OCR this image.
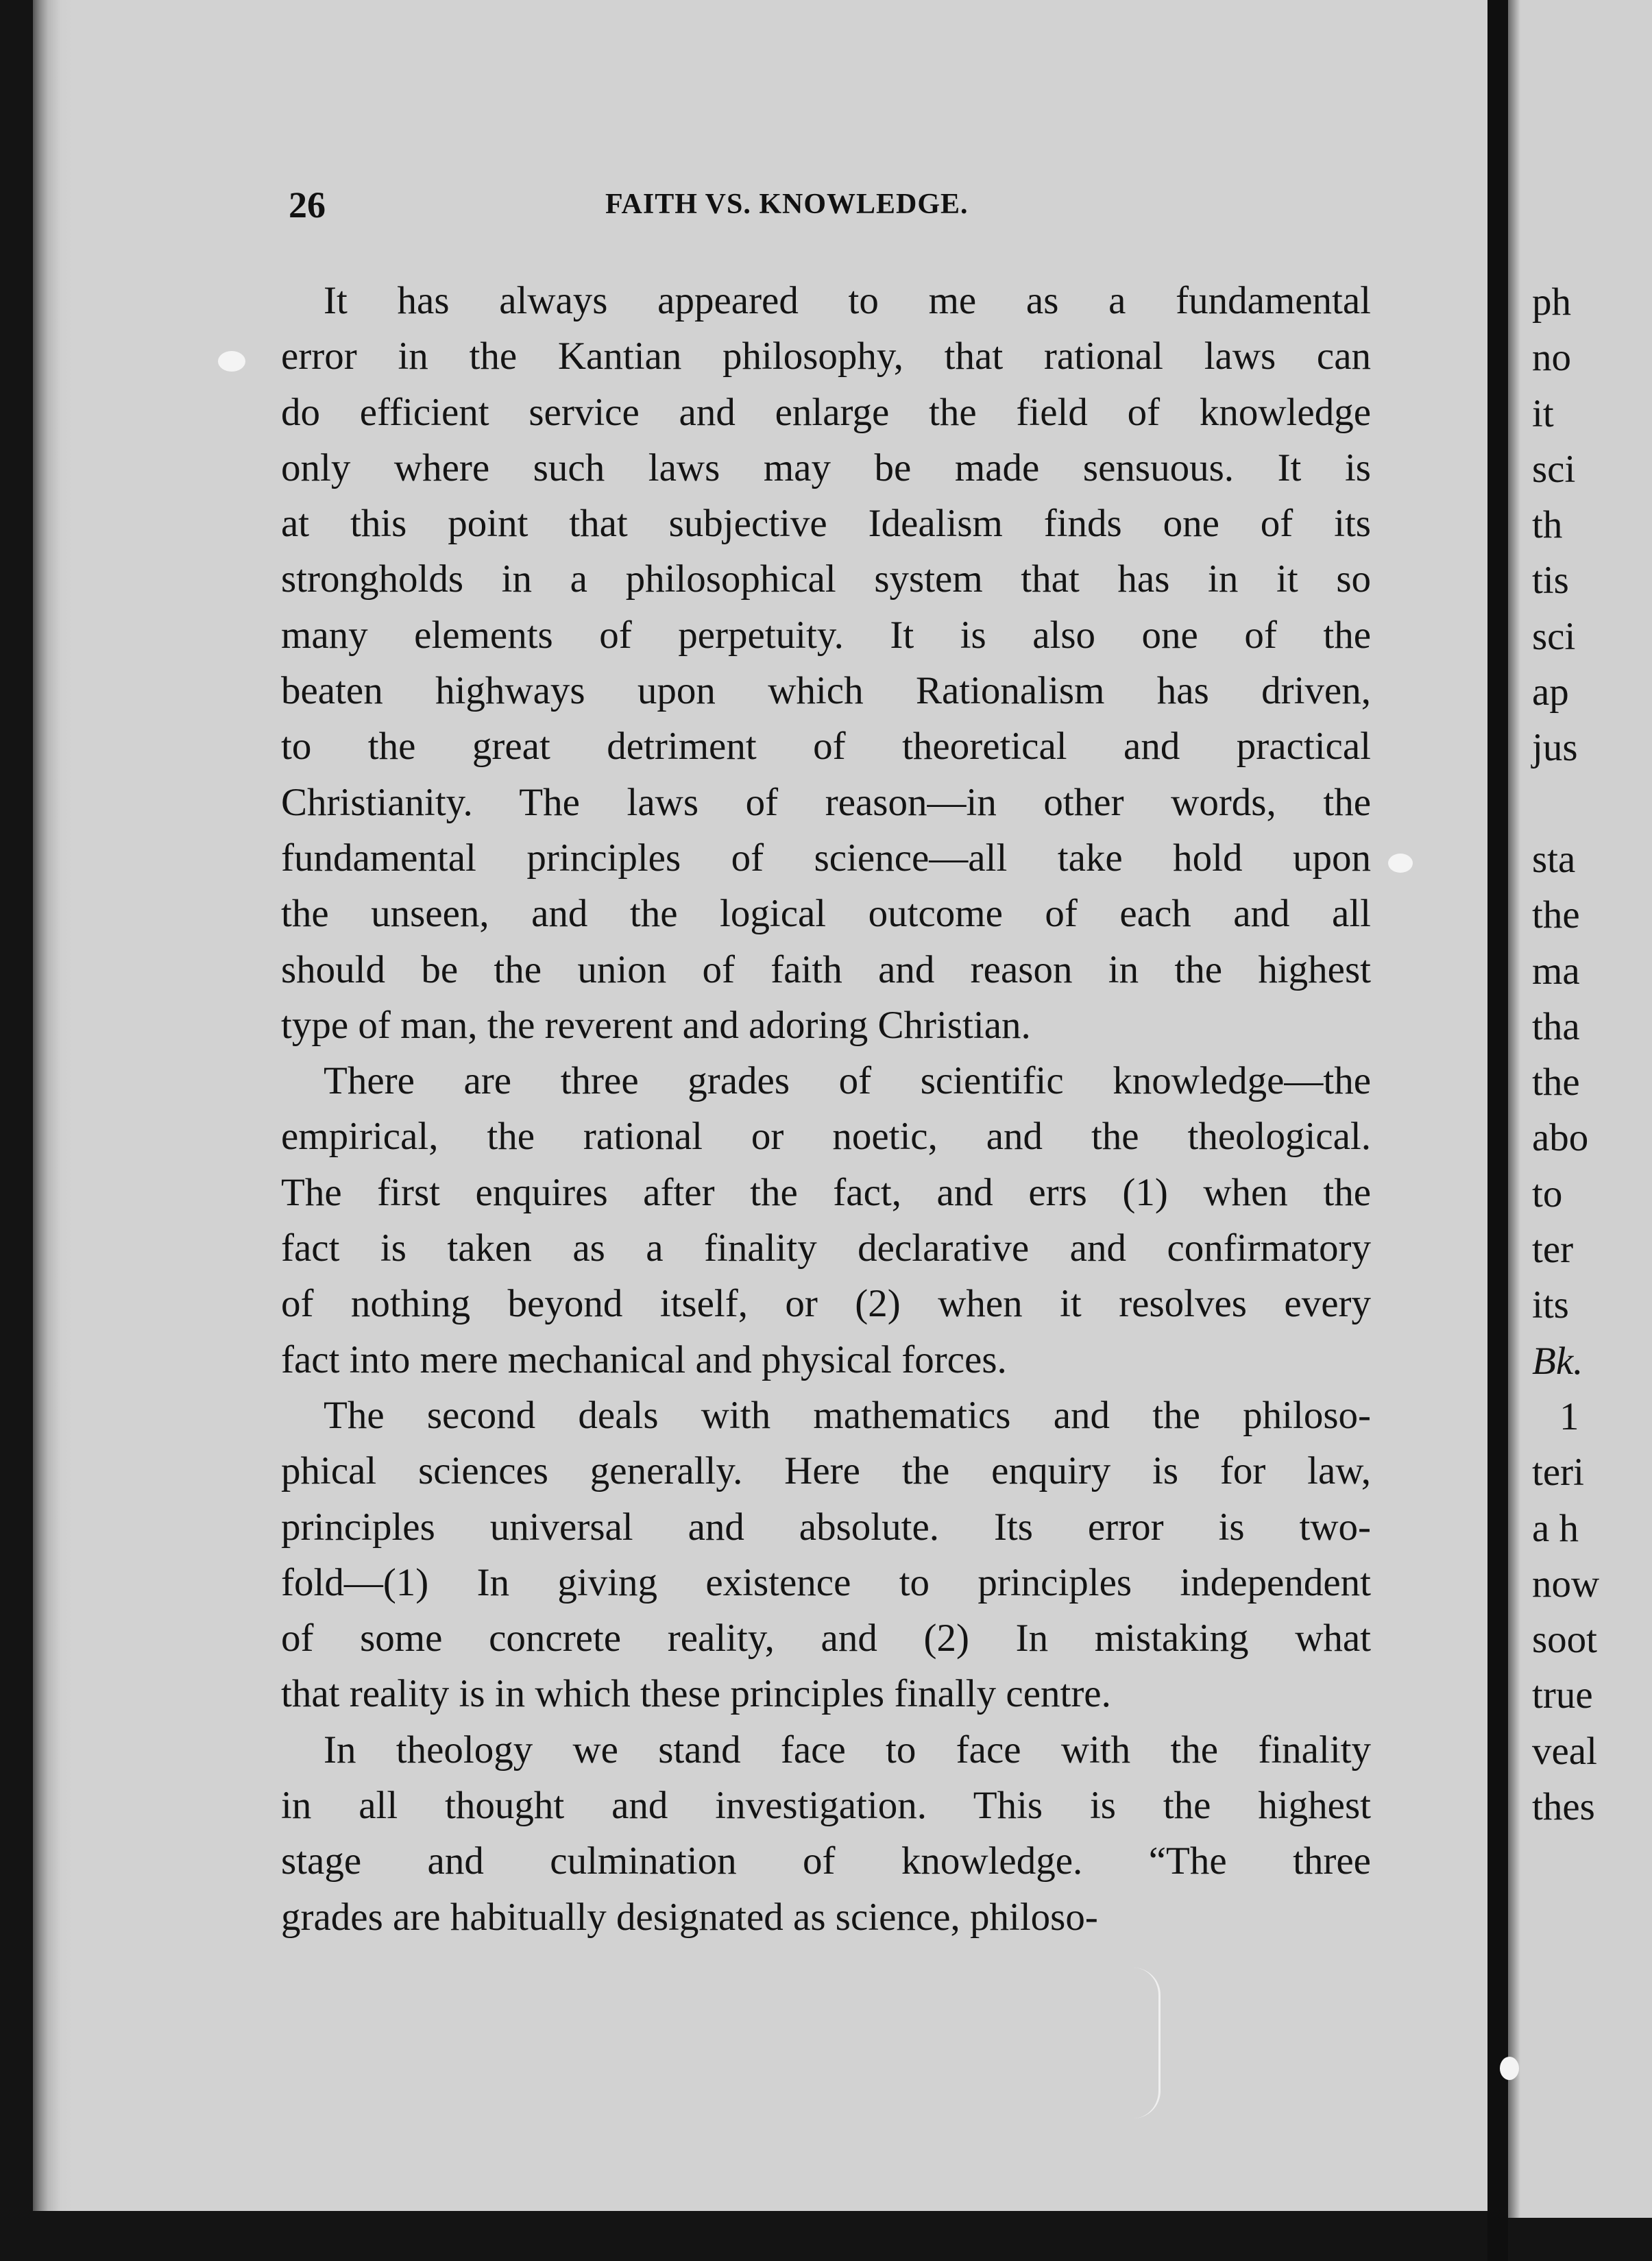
26	FAITH VS. KNOWLEDGE.
It has always appeared to me as a fundamental
error in the Kantian philosophy, that rational laws can
do efficient service and enlarge the field of knowledge
only where such laws may be made sensuous. It is
at this point that subjective Idealism finds one of its
strongholds in a philosophical system that has in it so
many elements of perpetuity. It is also one of the
beaten highways upon which Rationalism has driven,
to the great detriment of theoretical and practical
Christianity. The laws of reason—in other words, the
fundamental principles of science—all take hold upon
the unseen, and the logical outcome of each and all
should be the union of faith and reason in the highest
type of man, the reverent and adoring Christian.
There are three grades of scientific knowledge—the
empirical, the rational or noetic, and the theological.
The first enquires after the fact, and errs (1) when the
fact is taken as a finality declarative and confirmatory
of nothing beyond itself, or (2) when it resolves every
fact into mere mechanical and physical forces.
The second deals with mathematics and the philoso-
phical sciences generally. Here the enquiry is for law,
principles universal and absolute. Its error is two-
fold—(1) In giving existence to principles independent
of some concrete reality, and (2) In mistaking what
that reality is in which these principles finally centre.
In theology we stand face to face with the finality
in all thought and investigation. This is the highest
stage and culmination of knowledge. “The three
grades are habitually designated as science, philoso-
ph
no
it
sci
th
tis
sci
ap
jus
sta
the
ma
tha
the
abo
to
ter
its
Bk.
1
teri
a h
now
soot
true
veal
thes
